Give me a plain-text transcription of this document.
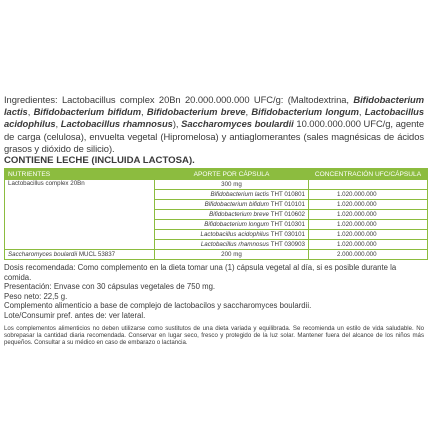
Ingredientes: Lactobacillus complex 20Bn 20.000.000.000 UFC/g: (Maltodextrina, Bifidobacterium lactis, Bifidobacterium bifidum, Bifidobacterium breve, Bifidobacterium longum, Lactobacillus acidophilus, Lactobacillus rhamnosus), Saccharomyces boulardii 10.000.000.000 UFC/g, agente de carga (celulosa), envuelta vegetal (Hipromelosa) y antiaglomerantes (sales magnésicas de ácidos grasos y dióxido de silicio).
CONTIENE LECHE (INCLUIDA LACTOSA).
NUTRIENTES	APORTE POR CÁPSULA	CONCENTRACIÓN UFC/CÁPSULA
Lactobacillus complex 20Bn	300 mg	
	Bifidobacterium lactis THT 010801	1.020.000.000
	Bifidobacterium bifidum THT 010101	1.020.000.000
	Bifidobacterium breve THT 010602	1.020.000.000
	Bifidobacterium longum THT 010301	1.020.000.000
	Lactobacillus acidophilus THT 030101	1.020.000.000
	Lactobacillus rhamnosus THT 030903	1.020.000.000
Saccharomyces boulardii MUCL 53837	200 mg	2.000.000.000

Dosis recomendada: Como complemento en la dieta tomar una (1) cápsula vegetal al día, si es posible durante la comida.

Presentación: Envase con 30 cápsulas vegetales de 750 mg.

Peso neto: 22,5 g.

Complemento alimenticio a base de complejo de lactobacilos y saccharomyces boulardii.

Lote/Consumir pref. antes de: ver lateral.

Los complementos alimenticios no deben utilizarse como sustitutos de una dieta variada y equilibrada. Se recomienda un estilo de vida saludable. No sobrepasar la cantidad diaria recomendada. Conservar en lugar seco, fresco y protegido de la luz solar. Mantener fuera del alcance de los niños más pequeños. Consultar a su médico en caso de embarazo o lactancia.
